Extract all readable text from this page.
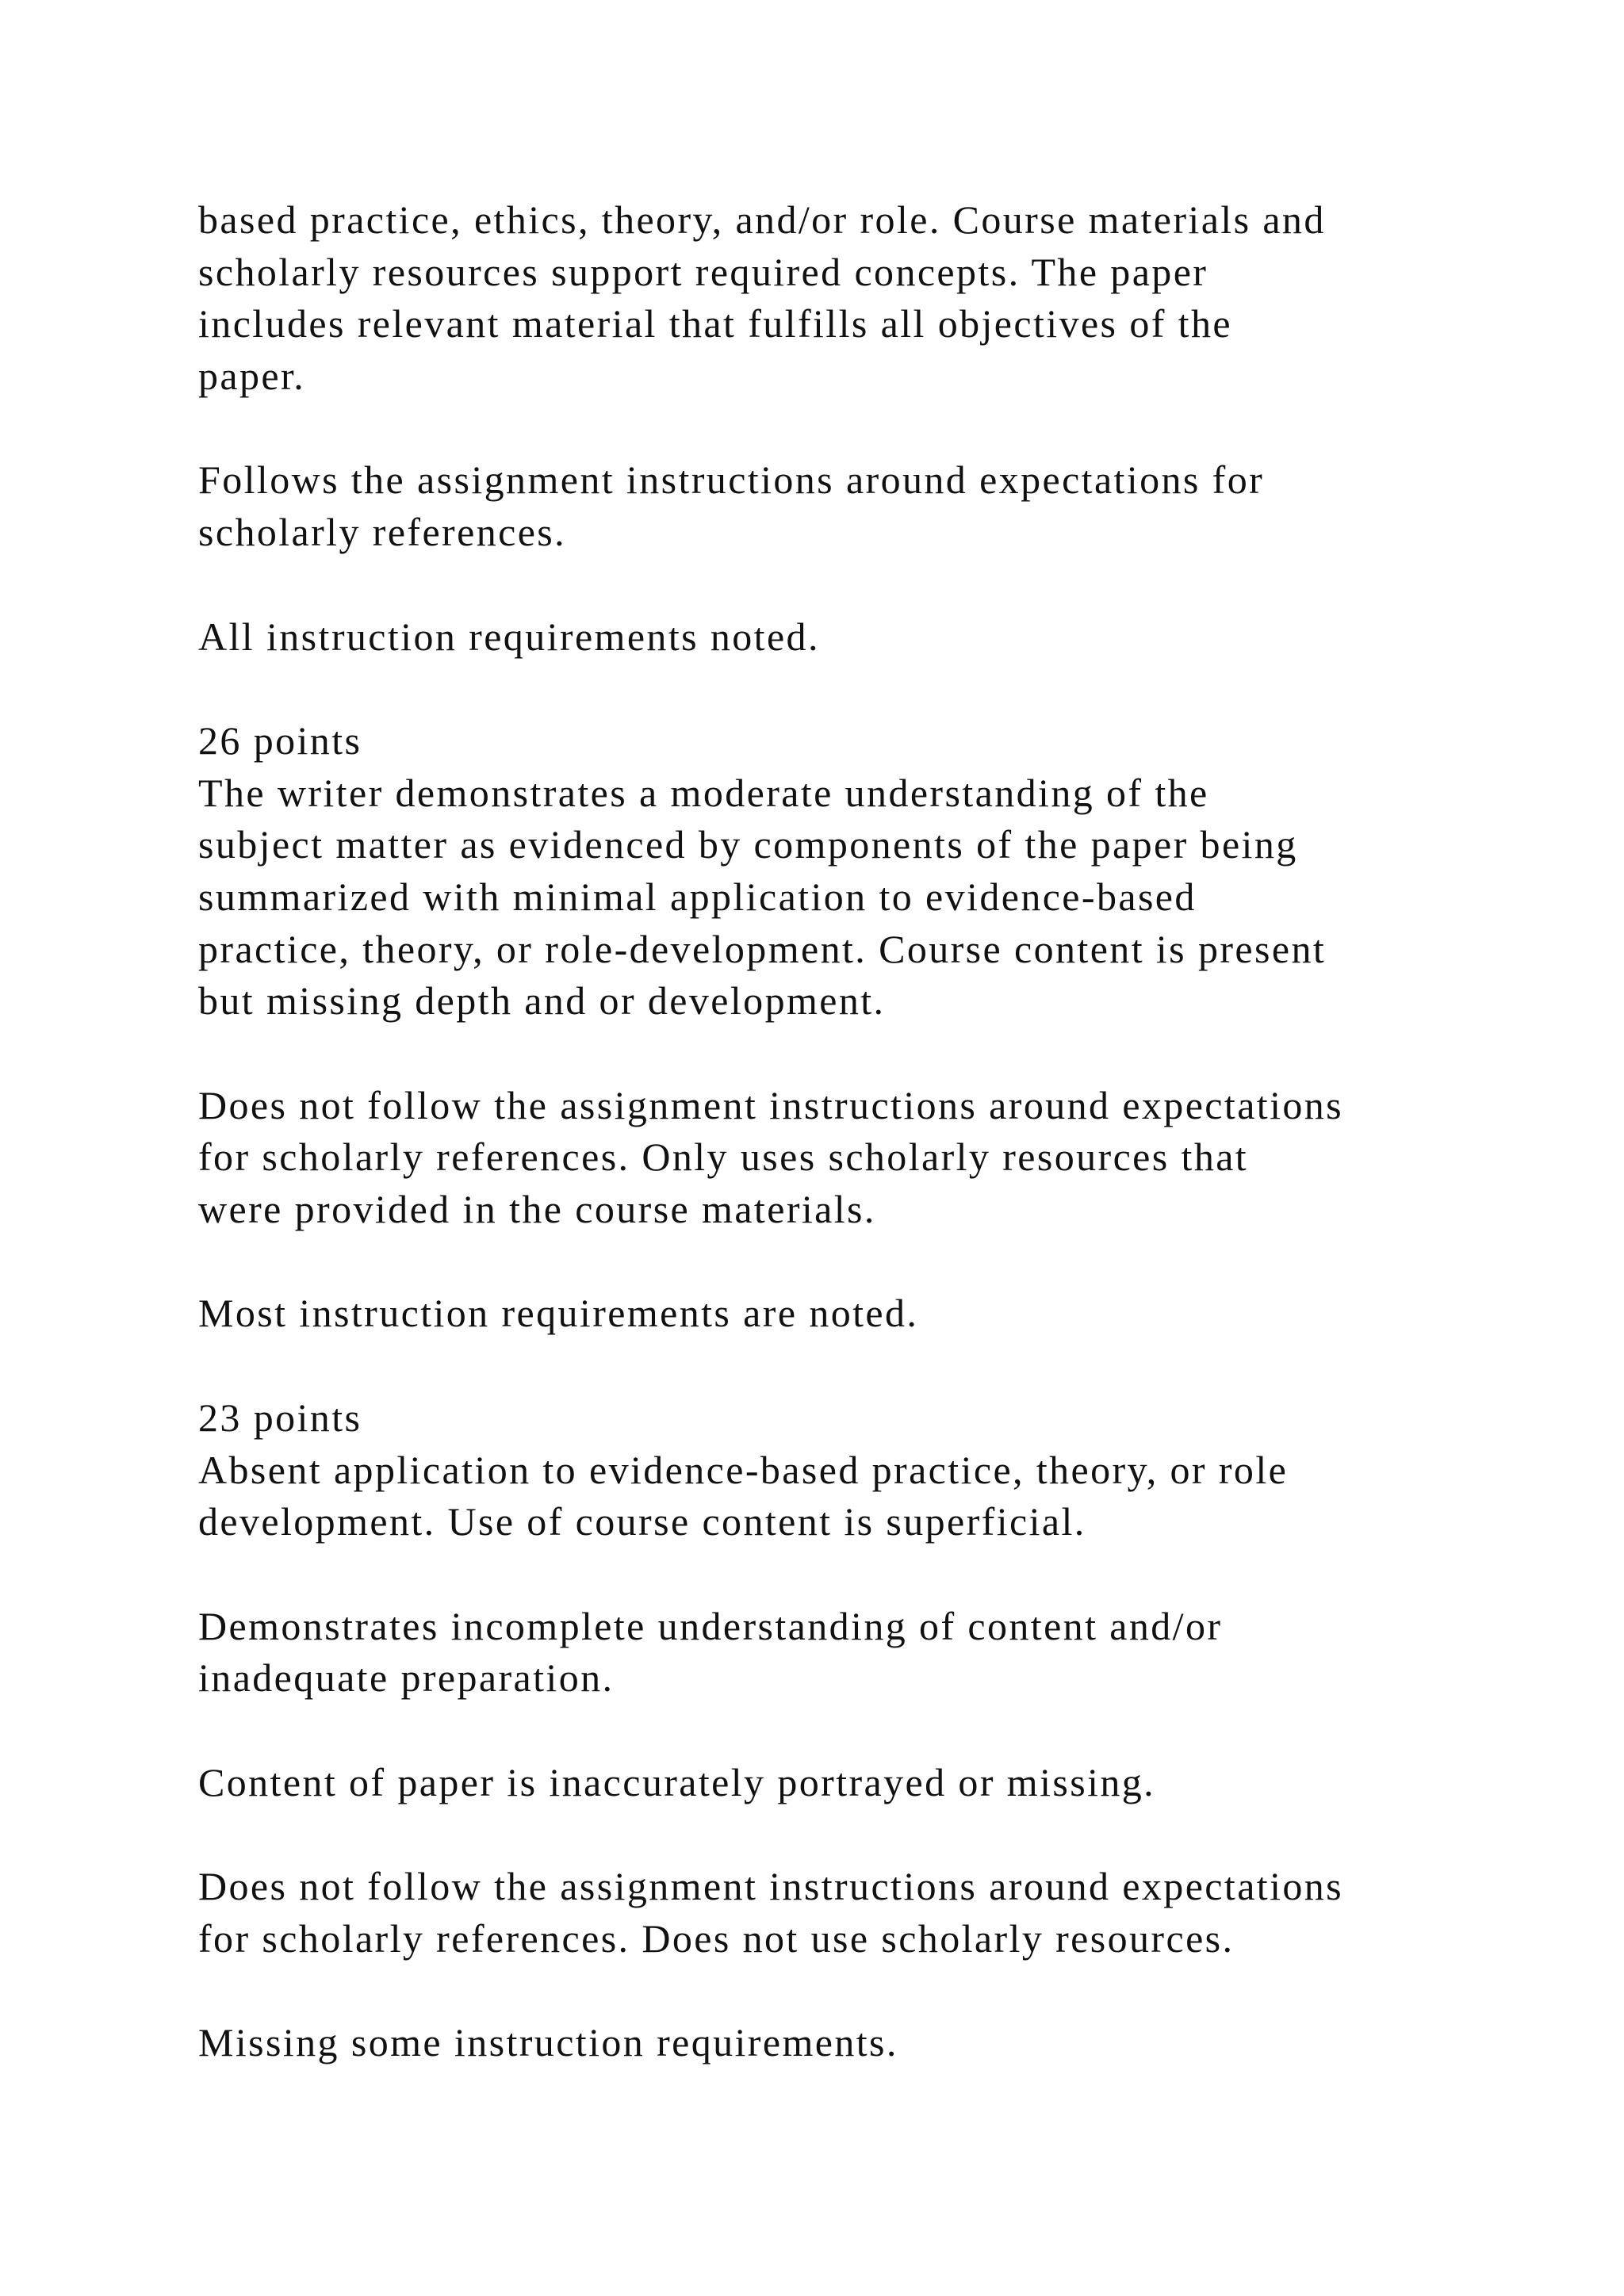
based practice, ethics, theory, and/or role. Course materials and
scholarly resources support required concepts. The paper
includes relevant material that fulfills all objectives of the
paper.
Follows the assignment instructions around expectations for
scholarly references.
All instruction requirements noted.
26 points
The writer demonstrates a moderate understanding of the
subject matter as evidenced by components of the paper being
summarized with minimal application to evidence-based
practice, theory, or role-development. Course content is present
but missing depth and or development.
Does not follow the assignment instructions around expectations
for scholarly references. Only uses scholarly resources that
were provided in the course materials.
Most instruction requirements are noted.
23 points
Absent application to evidence-based practice, theory, or role
development. Use of course content is superficial.
Demonstrates incomplete understanding of content and/or
inadequate preparation.
Content of paper is inaccurately portrayed or missing.
Does not follow the assignment instructions around expectations
for scholarly references. Does not use scholarly resources.
Missing some instruction requirements.
